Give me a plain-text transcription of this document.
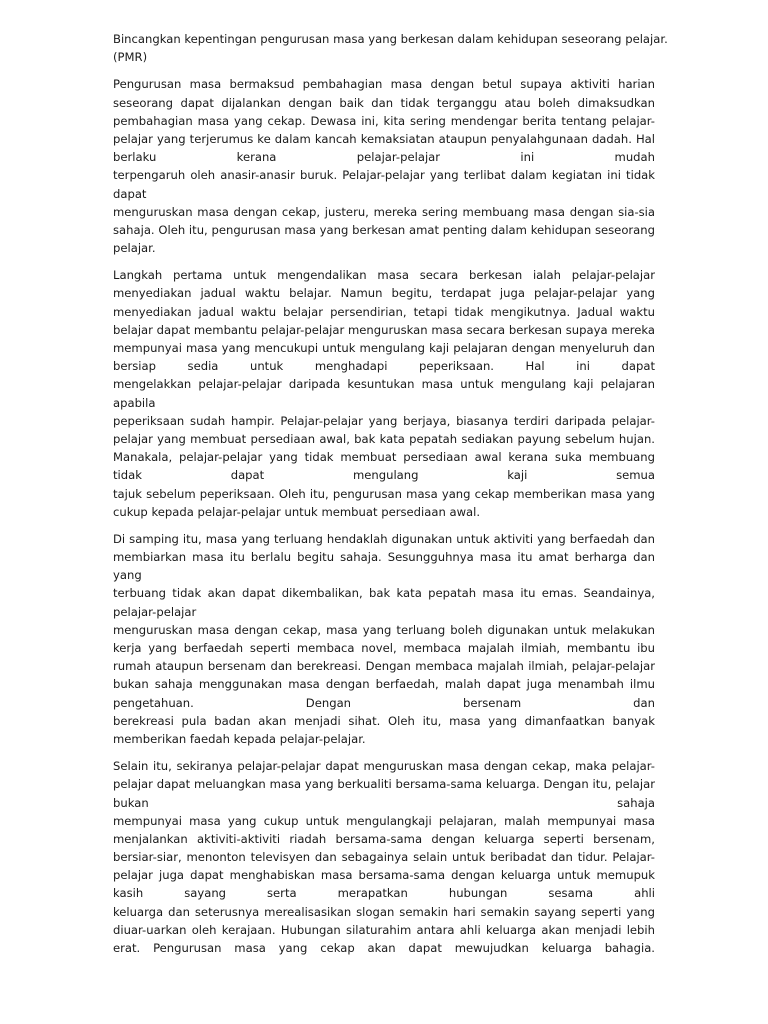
Bincangkan kepentingan pengurusan masa yang berkesan dalam kehidupan seseorang pelajar.
(PMR)
Pengurusan masa bermaksud pembahagian masa dengan betul supaya aktiviti harian
seseorang dapat dijalankan dengan baik dan tidak terganggu atau boleh dimaksudkan
pembahagian masa yang cekap. Dewasa ini, kita sering mendengar berita tentang pelajar-
pelajar yang terjerumus ke dalam kancah kemaksiatan ataupun penyalahgunaan dadah. Hal
berlaku kerana pelajar-pelajar ini mudah
terpengaruh oleh anasir-anasir buruk. Pelajar-pelajar yang terlibat dalam kegiatan ini tidak
dapat
menguruskan masa dengan cekap, justeru, mereka sering membuang masa dengan sia-sia
sahaja. Oleh itu, pengurusan masa yang berkesan amat penting dalam kehidupan seseorang
pelajar.
Langkah pertama untuk mengendalikan masa secara berkesan ialah pelajar-pelajar
menyediakan jadual waktu belajar. Namun begitu, terdapat juga pelajar-pelajar yang
menyediakan jadual waktu belajar persendirian, tetapi tidak mengikutnya. Jadual waktu
belajar dapat membantu pelajar-pelajar menguruskan masa secara berkesan supaya mereka
mempunyai masa yang mencukupi untuk mengulang kaji pelajaran dengan menyeluruh dan
bersiap sedia untuk menghadapi peperiksaan. Hal ini dapat
mengelakkan pelajar-pelajar daripada kesuntukan masa untuk mengulang kaji pelajaran
apabila
peperiksaan sudah hampir. Pelajar-pelajar yang berjaya, biasanya terdiri daripada pelajar-
pelajar yang membuat persediaan awal, bak kata pepatah sediakan payung sebelum hujan.
Manakala, pelajar-pelajar yang tidak membuat persediaan awal kerana suka membuang
tidak dapat mengulang kaji semua
tajuk sebelum peperiksaan. Oleh itu, pengurusan masa yang cekap memberikan masa yang
cukup kepada pelajar-pelajar untuk membuat persediaan awal.
Di samping itu, masa yang terluang hendaklah digunakan untuk aktiviti yang berfaedah dan
membiarkan masa itu berlalu begitu sahaja. Sesungguhnya masa itu amat berharga dan
yang
terbuang tidak akan dapat dikembalikan, bak kata pepatah masa itu emas. Seandainya,
pelajar-pelajar
menguruskan masa dengan cekap, masa yang terluang boleh digunakan untuk melakukan
kerja yang berfaedah seperti membaca novel, membaca majalah ilmiah, membantu ibu
rumah ataupun bersenam dan berekreasi. Dengan membaca majalah ilmiah, pelajar-pelajar
bukan sahaja menggunakan masa dengan berfaedah, malah dapat juga menambah ilmu
pengetahuan. Dengan bersenam dan
berekreasi pula badan akan menjadi sihat. Oleh itu, masa yang dimanfaatkan banyak
memberikan faedah kepada pelajar-pelajar.
Selain itu, sekiranya pelajar-pelajar dapat menguruskan masa dengan cekap, maka pelajar-
pelajar dapat meluangkan masa yang berkualiti bersama-sama keluarga. Dengan itu, pelajar
bukan sahaja
mempunyai masa yang cukup untuk mengulangkaji pelajaran, malah mempunyai masa
menjalankan aktiviti-aktiviti riadah bersama-sama dengan keluarga seperti bersenam,
bersiar-siar, menonton televisyen dan sebagainya selain untuk beribadat dan tidur. Pelajar-
pelajar juga dapat menghabiskan masa bersama-sama dengan keluarga untuk memupuk
kasih sayang serta merapatkan hubungan sesama ahli
keluarga dan seterusnya merealisasikan slogan semakin hari semakin sayang seperti yang
diuar-uarkan oleh kerajaan. Hubungan silaturahim antara ahli keluarga akan menjadi lebih
erat. Pengurusan masa yang cekap akan dapat mewujudkan keluarga bahagia.
